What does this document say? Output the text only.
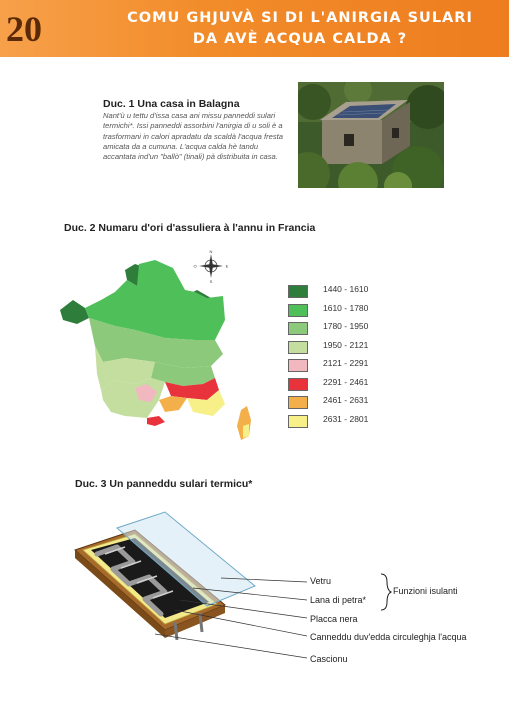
20	COMU GHJUVÀ SI DI L'ANIRGIA SULARI
DA AVÈ ACQUA CALDA ?
Duc. 1 Una casa in Balagna
Nant'ù u tettu d'issa casa ani missu panneddi sulari termichi*. Issi panneddi assorbini l'anirgia di u soli è a trasformani in calori apradatu da scaldà l'acqua fresta amicata da a cumuna. L'acqua calda hè tandu accantata ind'un "ballò" (tinali) pà distribuita in casa.
Duc. 2 Numaru d'ori d'assuliera à l'annu in Francia
N
S
O	E
1440 - 1610
1610 - 1780
1780 - 1950
1950 - 2121
2121 - 2291
2291 - 2461
2461 - 2631
2631 - 2801
Duc. 3 Un panneddu sulari termicu*
Vetru
Lana di petra*
Funzioni isulanti
Placca nera
Canneddu duv'edda circuleghja l'acqua
Cascionu
